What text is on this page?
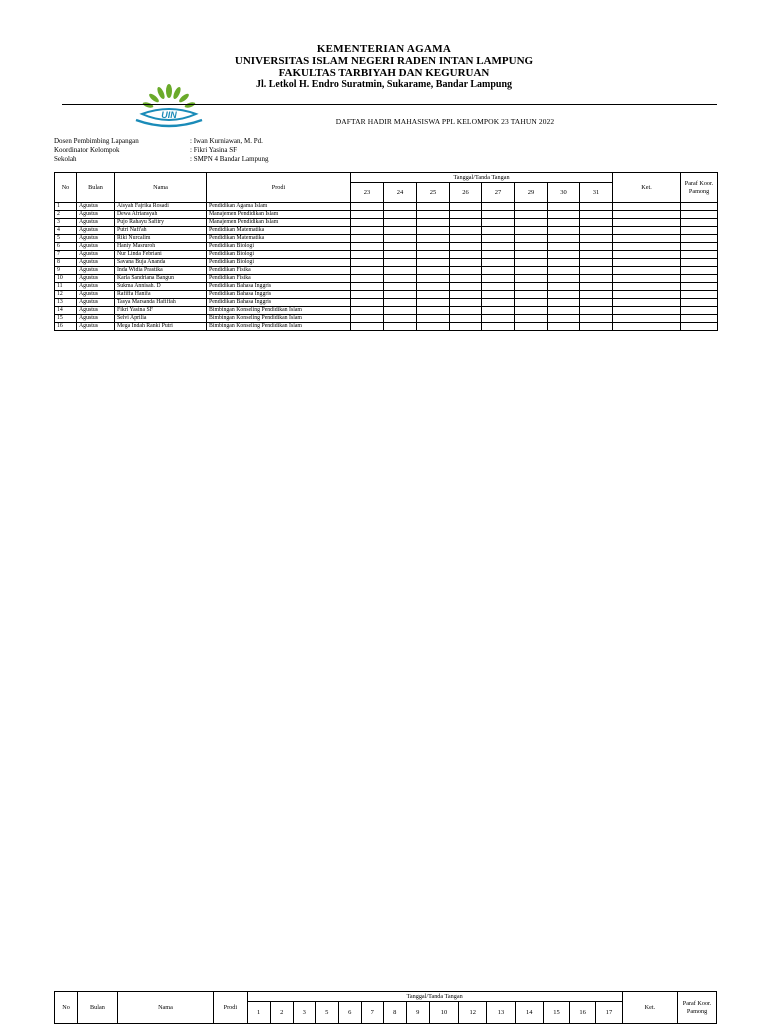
UIN
KEMENTERIAN AGAMA
UNIVERSITAS ISLAM NEGERI RADEN INTAN LAMPUNG
FAKULTAS TARBIYAH DAN KEGURUAN
Jl. Letkol H. Endro Suratmin, Sukarame, Bandar Lampung
DAFTAR HADIR MAHASISWA PPL KELOMPOK 23 TAHUN 2022
Dosen Pembimbing Lapangan	: Iwan Kurniawan, M. Pd.
Koordinator Kelompok	: Fikri Yasina SF
Sekolah	: SMPN 4 Bandar Lampung
No	Bulan	Nama	Prodi	Tanggal/Tanda Tangan								Ket.	Paraf Koor. Pamong
				23	24	25	26	27	29	30	31		
1	Agustus	Aisyah Fajrika Rosadi	Pendidikan Agama Islam										
2	Agustus	Dewa Afriansyah	Manajemen Pendidikan Islam										
3	Agustus	Pujo Rahayu Safitry	Manajemen Pendidikan Islam										
4	Agustus	Putri Nafi'ah	Pendidikan Matematika										
5	Agustus	Riki Nurcalim	Pendidikan Matematika										
6	Agustus	Haniy Masruroh	Pendidikan Biologi										
7	Agustus	Nur Linda Febriani	Pendidikan Biologi										
8	Agustus	Savana Buja Ananda	Pendidikan Biologi										
9	Agustus	Inda Widia Prastika	Pendidikan Fisika										
10	Agustus	Karla Sandriana Bangun	Pendidikan Fisika										
11	Agustus	Sukma Annisah. D	Pendidikan Bahasa Inggris										
12	Agustus	Rafiffa Hanifa	Pendidikan Bahasa Inggris										
13	Agustus	Tasya Marsanda Hafiffah	Pendidikan Bahasa Inggris										
14	Agustus	Fikri Yasina SF	Bimbingan Konseling Pendidikan Islam										
15	Agustus	Selvi Aprilia	Bimbingan Konseling Pendidikan Islam										
16	Agustus	Mega Indah Ranki Putri	Bimbingan Konseling Pendidikan Islam										
No	Bulan	Nama	Prodi	Tanggal/Tanda Tangan															Ket.	Paraf Koor. Pamong
				1	2	3	5	6	7	8	9	10	12	13	14	15	16	17		
